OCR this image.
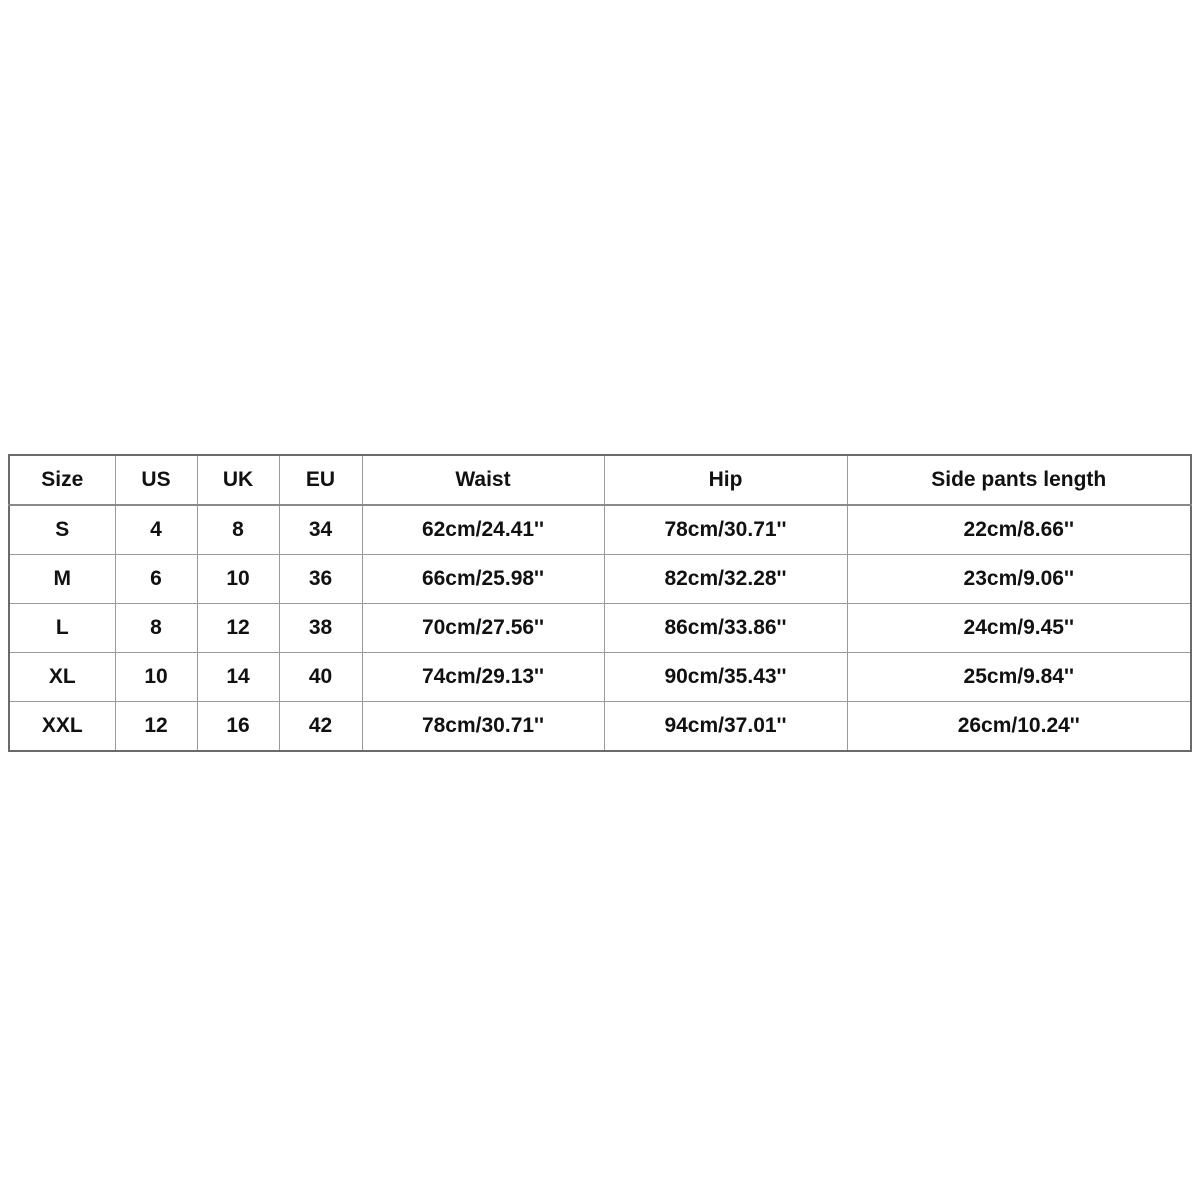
Size	US	UK	EU	Waist	Hip	Side pants length
S	4	8	34	62cm/24.41''	78cm/30.71''	22cm/8.66''
M	6	10	36	66cm/25.98''	82cm/32.28''	23cm/9.06''
L	8	12	38	70cm/27.56''	86cm/33.86''	24cm/9.45''
XL	10	14	40	74cm/29.13''	90cm/35.43''	25cm/9.84''
XXL	12	16	42	78cm/30.71''	94cm/37.01''	26cm/10.24''
